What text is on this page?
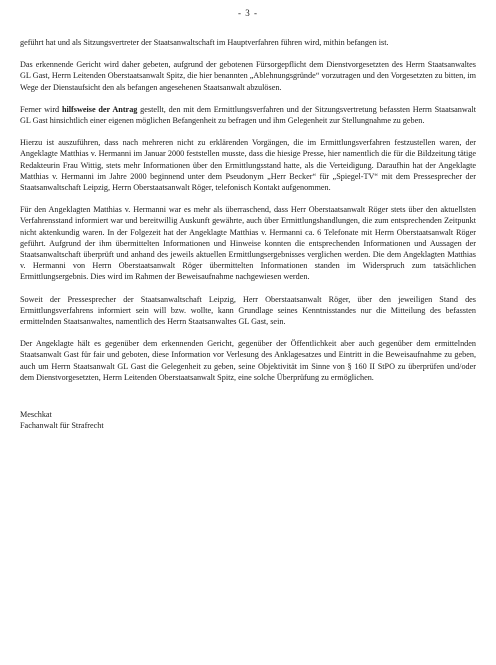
- 3 -

geführt hat und als Sitzungsvertreter der Staatsanwaltschaft im Hauptverfahren führen wird, mithin befangen ist.

Das erkennende Gericht wird daher gebeten, aufgrund der gebotenen Fürsorgepflicht dem Dienstvorgesetzten des Herrn Staatsanwaltes GL Gast, Herrn Leitenden Oberstaatsanwalt Spitz, die hier benannten „Ablehnungsgründe“ vorzutragen und den Vorgesetzten zu bitten, im Wege der Dienstaufsicht den als befangen angesehenen Staatsanwalt abzulösen.

Ferner wird hilfsweise der Antrag gestellt, den mit dem Ermittlungsverfahren und der Sitzungsvertretung befassten Herrn Staatsanwalt GL Gast hinsichtlich einer eigenen möglichen Befangenheit zu befragen und ihm Gelegenheit zur Stellungnahme zu geben.

Hierzu ist auszuführen, dass nach mehreren nicht zu erklärenden Vorgängen, die im Ermittlungsverfahren festzustellen waren, der Angeklagte Matthias v. Hermanni im Januar 2000 feststellen musste, dass die hiesige Presse, hier namentlich die für die Bildzeitung tätige Redakteurin Frau Wittig, stets mehr Informationen über den Ermittlungsstand hatte, als die Verteidigung. Daraufhin hat der Angeklagte Matthias v. Hermanni im Jahre 2000 beginnend unter dem Pseudonym „Herr Becker“ für „Spiegel-TV“ mit dem Pressesprecher der Staatsanwaltschaft Leipzig, Herrn Oberstaatsanwalt Röger, telefonisch Kontakt aufgenommen.

Für den Angeklagten Matthias v. Hermanni war es mehr als überraschend, dass Herr Oberstaatsanwalt Röger stets über den aktuellsten Verfahrensstand informiert war und bereitwillig Auskunft gewährte, auch über Ermittlungshandlungen, die zum entsprechenden Zeitpunkt nicht aktenkundig waren. In der Folgezeit hat der Angeklagte Matthias v. Hermanni ca. 6 Telefonate mit Herrn Oberstaatsanwalt Röger geführt. Aufgrund der ihm übermittelten Informationen und Hinweise konnten die entsprechenden Informationen und Aussagen der Staatsanwaltschaft überprüft und anhand des jeweils aktuellen Ermittlungsergebnisses verglichen werden. Die dem Angeklagten Matthias v. Hermanni von Herrn Oberstaatsanwalt Röger übermittelten Informationen standen im Widerspruch zum tatsächlichen Ermittlungsergebnis. Dies wird im Rahmen der Beweisaufnahme nachgewiesen werden.

Soweit der Pressesprecher der Staatsanwaltschaft Leipzig, Herr Oberstaatsanwalt Röger, über den jeweiligen Stand des Ermittlungsverfahrens informiert sein will bzw. wollte, kann Grundlage seines Kenntnisstandes nur die Mitteilung des befassten ermittelnden Staatsanwaltes, namentlich des Herrn Staatsanwaltes GL Gast, sein.

Der Angeklagte hält es gegenüber dem erkennenden Gericht, gegenüber der Öffentlichkeit aber auch gegenüber dem ermittelnden Staatsanwalt Gast für fair und geboten, diese Information vor Verlesung des Anklagesatzes und Eintritt in die Beweisaufnahme zu geben, auch um Herrn Staatsanwalt GL Gast die Gelegenheit zu geben, seine Objektivität im Sinne von § 160 II StPO zu überprüfen und/oder dem Dienstvorgesetzten, Herrn Leitenden Oberstaatsanwalt Spitz, eine solche Überprüfung zu ermöglichen.

Meschkat
Fachanwalt für Strafrecht
